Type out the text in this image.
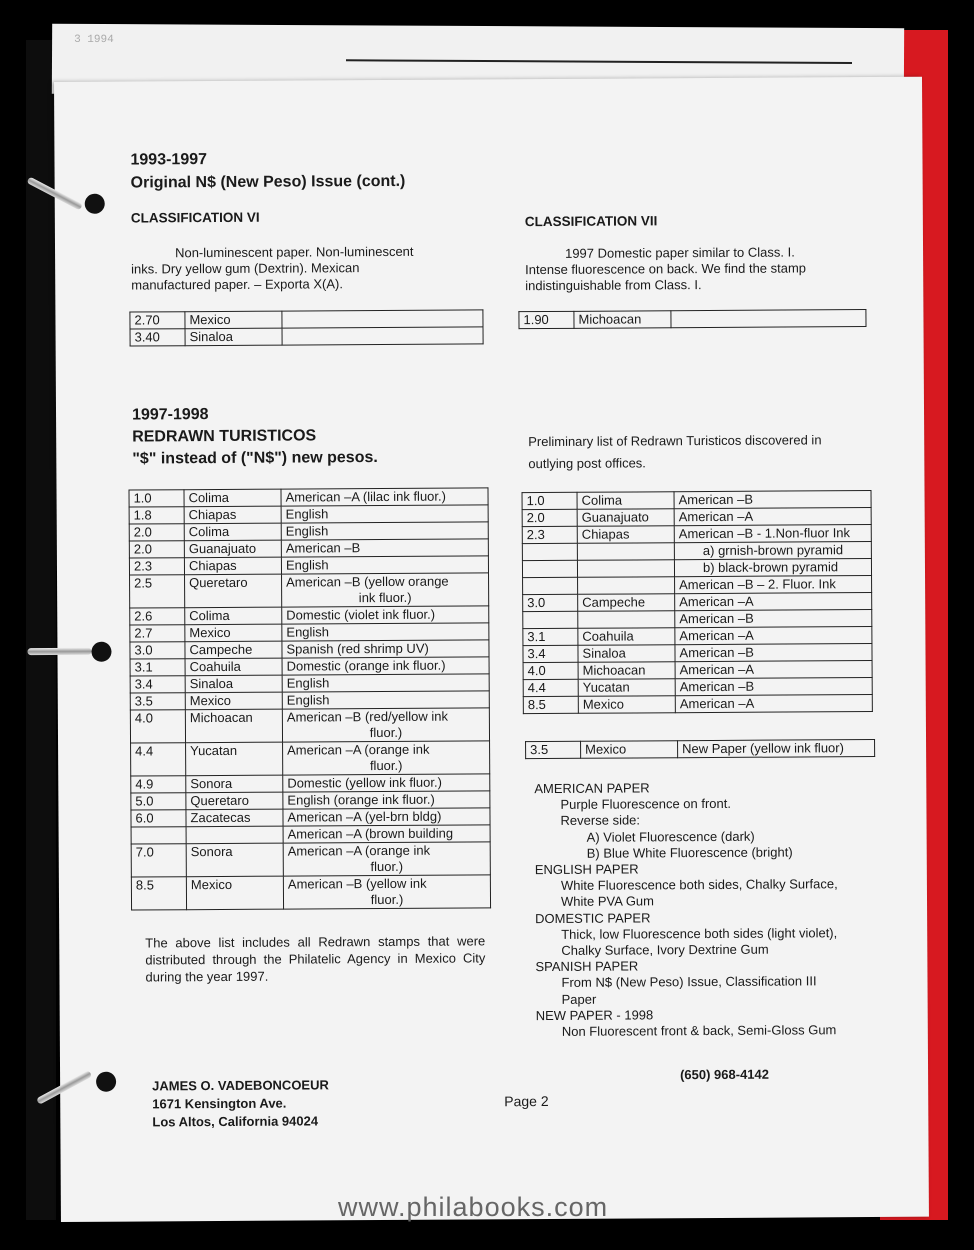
3 1994
1993-1997
Original N$ (New Peso) Issue (cont.)
CLASSIFICATION VI
Non-luminescent paper. Non-luminescent
inks. Dry yellow gum (Dextrin). Mexican
manufactured paper. – Exporta X(A).
2.70	Mexico	
3.40	Sinaloa	
CLASSIFICATION VII
1997 Domestic paper similar to Class. I.
Intense fluorescence on back. We find the stamp
indistinguishable from Class. I.
1.90	Michoacan	
1997-1998
REDRAWN TURISTICOS
"$" instead of ("N$") new pesos.
1.0	Colima	American –A (lilac ink fluor.)

1.8	Chiapas	English

2.0	Colima	English

2.0	Guanajuato	American –B

2.3	Chiapas	English

2.5	Queretaro	American –B (yellow orange
ink fluor.)

2.6	Colima	Domestic (violet ink fluor.)

2.7	Mexico	English

3.0	Campeche	Spanish (red shrimp UV)

3.1	Coahuila	Domestic (orange ink fluor.)

3.4	Sinaloa	English

3.5	Mexico	English

4.0	Michoacan	American –B (red/yellow ink
fluor.)

4.4	Yucatan	American –A (orange ink
fluor.)

4.9	Sonora	Domestic (yellow ink fluor.)

5.0	Queretaro	English (orange ink fluor.)

6.0	Zacatecas	American –A (yel-brn bldg)

		American –A (brown building

7.0	Sonora	American –A (orange ink
fluor.)

8.5	Mexico	American –B (yellow ink
fluor.)
The above list includes all Redrawn stamps that were distributed through the Philatelic Agency in Mexico City during the year 1997.
Preliminary list of Redrawn Turisticos discovered in
outlying post offices.
1.0	Colima	American –B
2.0	Guanajuato	American –A
2.3	Chiapas	American –B - 1.Non-fluor Ink
		a) grnish-brown pyramid
		b) black-brown pyramid
		American –B – 2. Fluor. Ink
3.0	Campeche	American –A
		American –B
3.1	Coahuila	American –A
3.4	Sinaloa	American –B
4.0	Michoacan	American –A
4.4	Yucatan	American –B
8.5	Mexico	American –A
3.5	Mexico	New Paper (yellow ink fluor)
AMERICAN PAPER
Purple Fluorescence on front.
Reverse side:
A) Violet Fluorescence (dark)
B) Blue White Fluorescence (bright)
ENGLISH PAPER
White Fluorescence both sides, Chalky Surface,
White PVA Gum
DOMESTIC PAPER
Thick, low Fluorescence both sides (light violet),
Chalky Surface, Ivory Dextrine Gum
SPANISH PAPER
From N$ (New Peso) Issue, Classification III
Paper
NEW PAPER - 1998
Non Fluorescent front & back, Semi-Gloss Gum
JAMES O. VADEBONCOEUR
1671 Kensington Ave.
Los Altos, California 94024
Page 2
(650) 968-4142
www.philabooks.com
